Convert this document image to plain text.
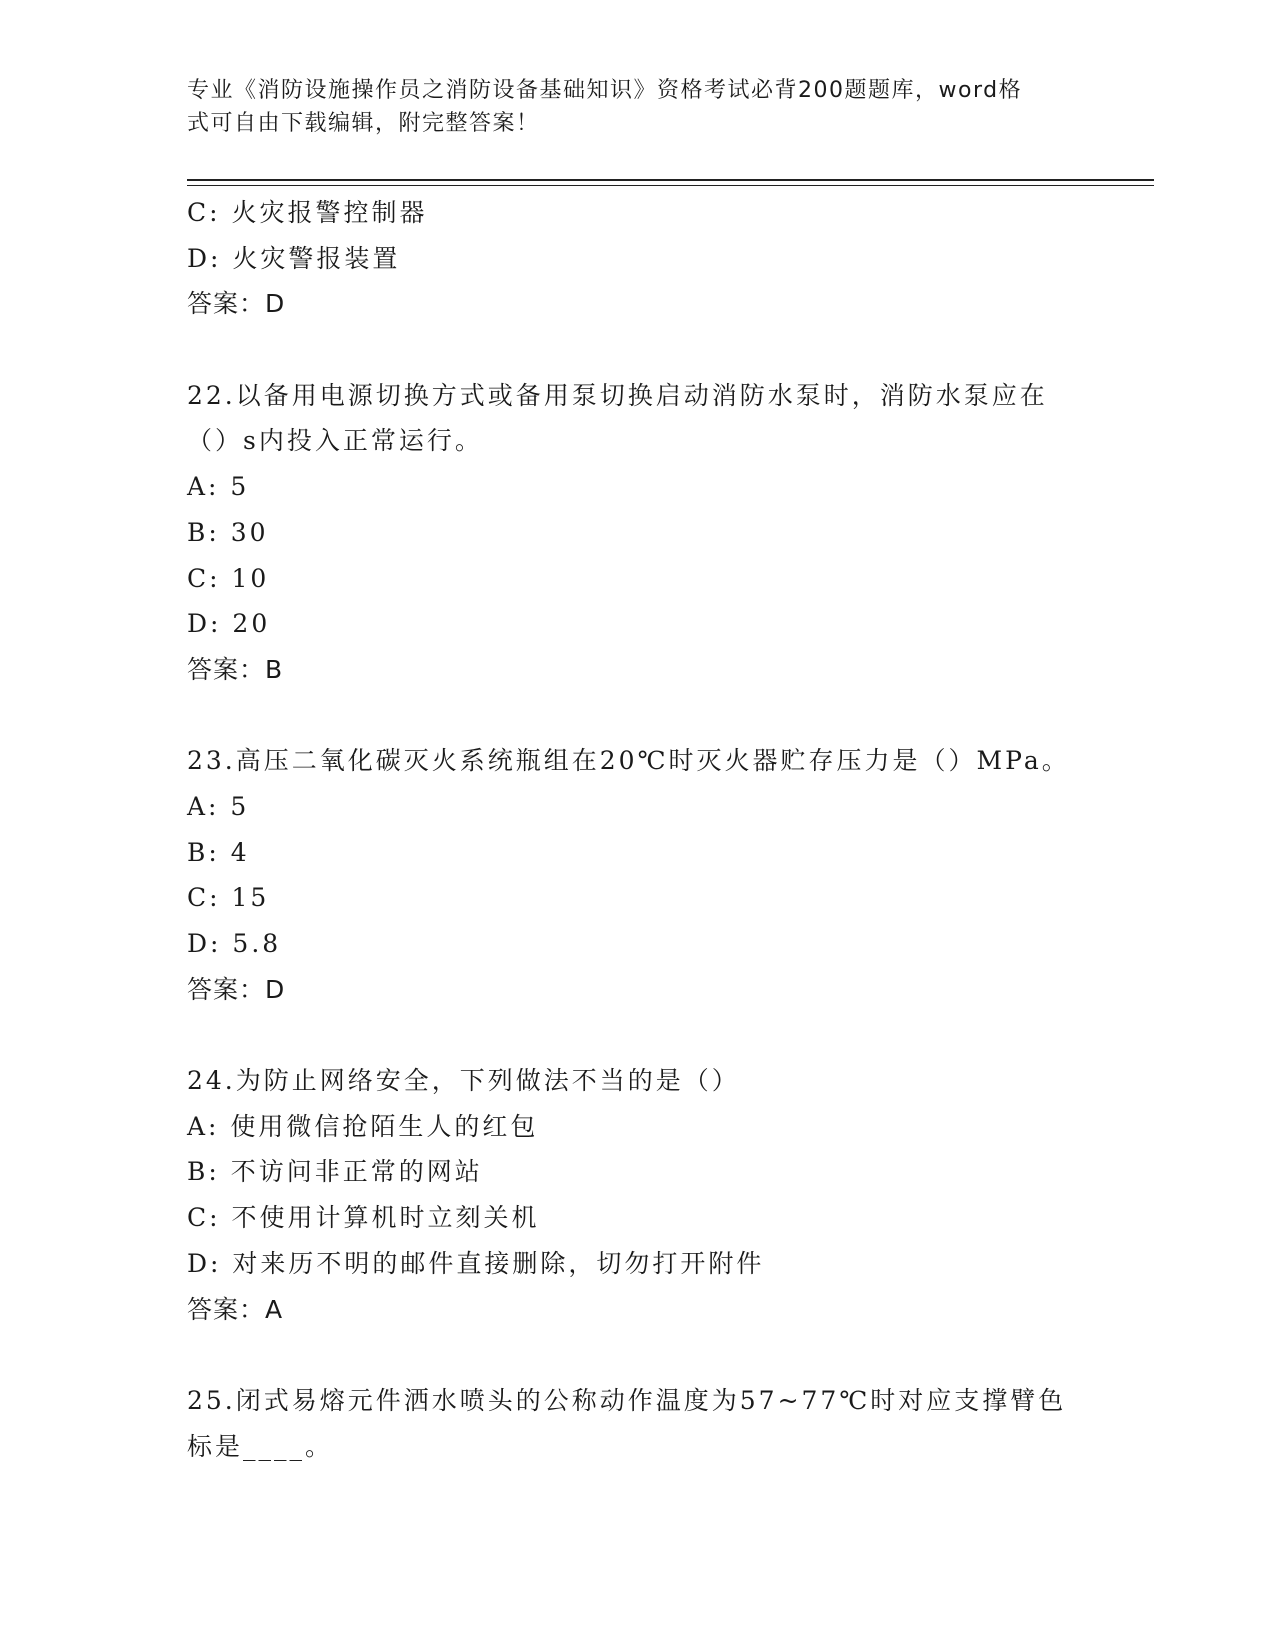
专业《消防设施操作员之消防设备基础知识》资格考试必背200题题库，word格
式可自由下载编辑，附完整答案！
C: 火灾报警控制器
D: 火灾警报装置
答案：D
22.以备用电源切换方式或备用泵切换启动消防水泵时，消防水泵应在
（）s内投入正常运行。
A: 5
B: 30
C: 10
D: 20
答案：B
23.高压二氧化碳灭火系统瓶组在20℃时灭火器贮存压力是（）MPa。
A: 5
B: 4
C: 15
D: 5.8
答案：D
24.为防止网络安全，下列做法不当的是（）
A: 使用微信抢陌生人的红包
B: 不访问非正常的网站
C: 不使用计算机时立刻关机
D: 对来历不明的邮件直接删除，切勿打开附件
答案：A
25.闭式易熔元件洒水喷头的公称动作温度为57~77℃时对应支撑臂色
标是____。
